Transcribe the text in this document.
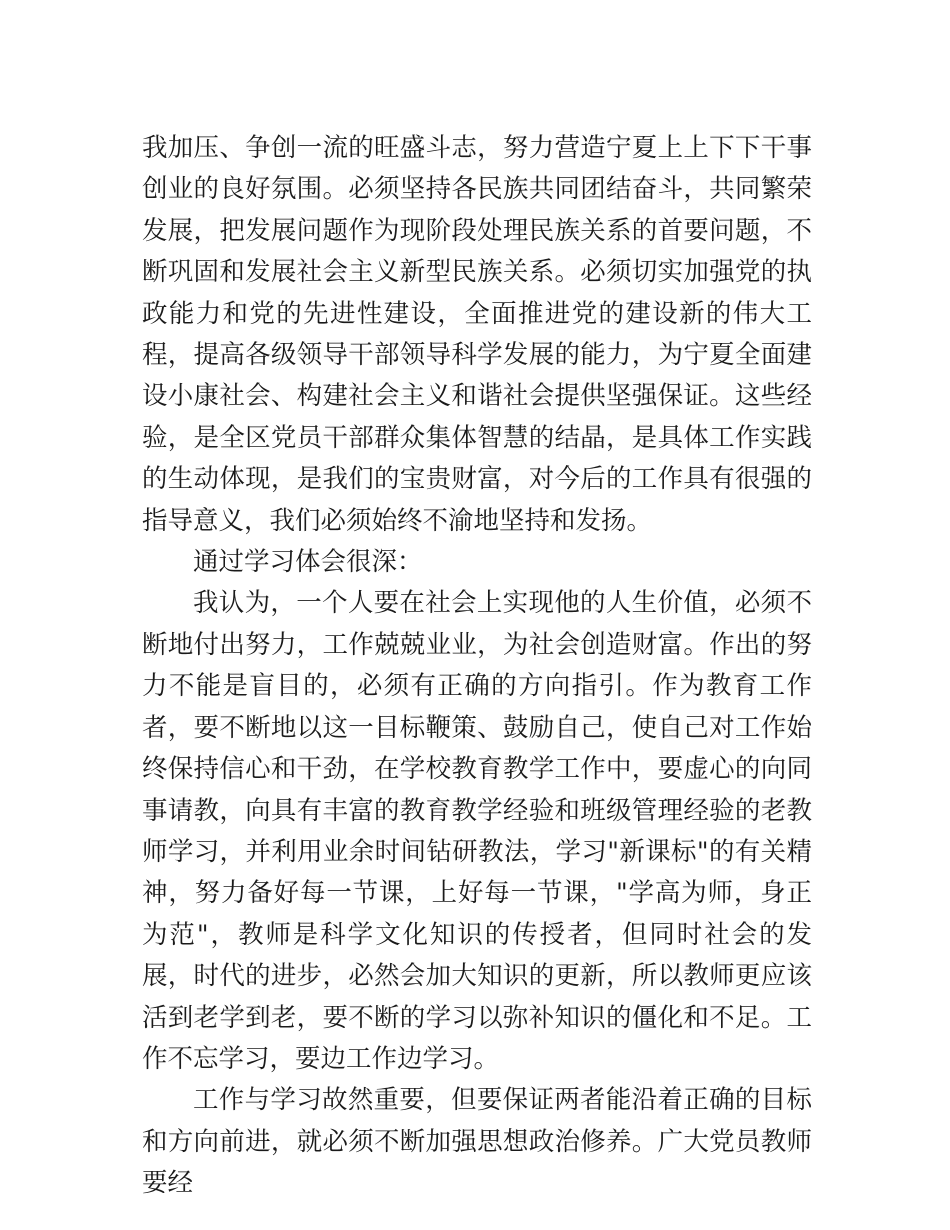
我加压、争创一流的旺盛斗志，努力营造宁夏上上下下干事创业的良好氛围。必须坚持各民族共同团结奋斗，共同繁荣发展，把发展问题作为现阶段处理民族关系的首要问题，不断巩固和发展社会主义新型民族关系。必须切实加强党的执政能力和党的先进性建设，全面推进党的建设新的伟大工程，提高各级领导干部领导科学发展的能力，为宁夏全面建设小康社会、构建社会主义和谐社会提供坚强保证。这些经验，是全区党员干部群众集体智慧的结晶，是具体工作实践的生动体现，是我们的宝贵财富，对今后的工作具有很强的指导意义，我们必须始终不渝地坚持和发扬。

通过学习体会很深：

我认为，一个人要在社会上实现他的人生价值，必须不断地付出努力，工作兢兢业业，为社会创造财富。作出的努力不能是盲目的，必须有正确的方向指引。作为教育工作者，要不断地以这一目标鞭策、鼓励自己，使自己对工作始终保持信心和干劲，在学校教育教学工作中，要虚心的向同事请教，向具有丰富的教育教学经验和班级管理经验的老教师学习，并利用业余时间钻研教法，学习"新课标"的有关精神，努力备好每一节课，上好每一节课，"学高为师，身正为范"，教师是科学文化知识的传授者，但同时社会的发展，时代的进步，必然会加大知识的更新，所以教师更应该活到老学到老，要不断的学习以弥补知识的僵化和不足。工作不忘学习，要边工作边学习。

工作与学习故然重要，但要保证两者能沿着正确的目标和方向前进，就必须不断加强思想政治修养。广大党员教师要经
